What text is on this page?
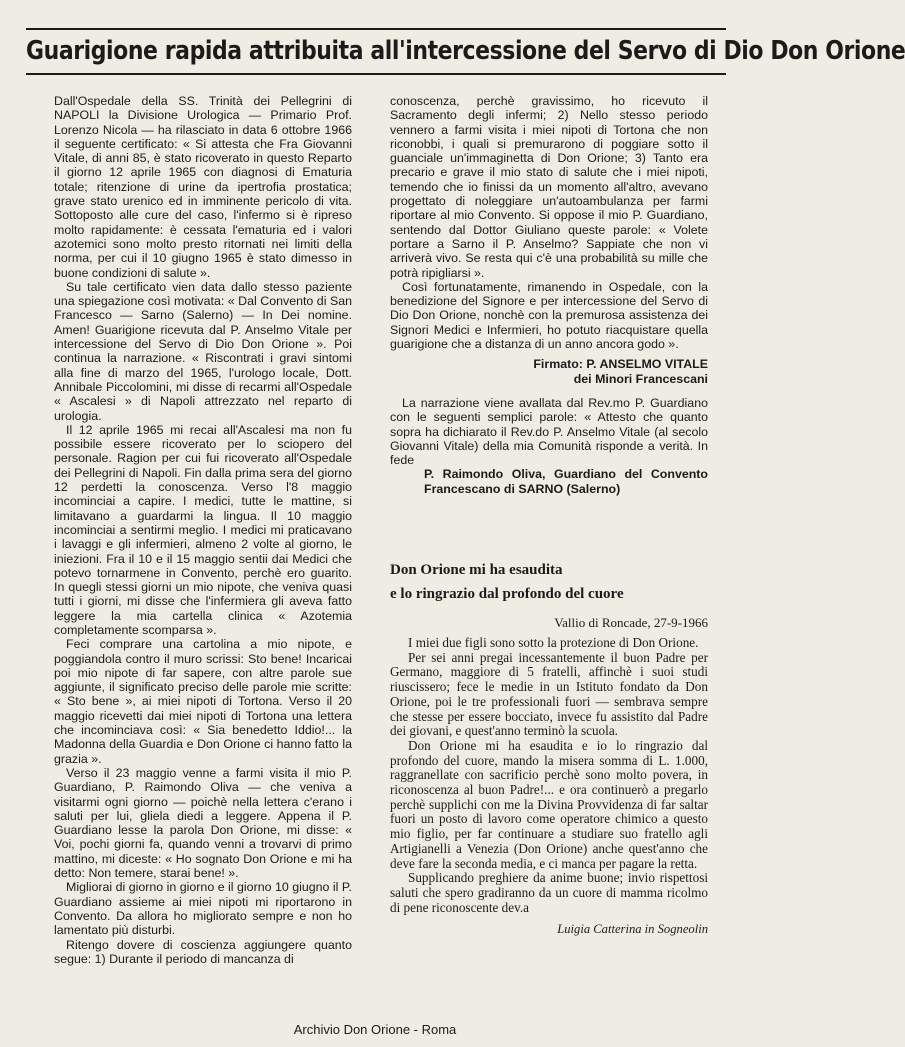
Guarigione rapida attribuita all'intercessione del Servo di Dio Don Orione

Dall'Ospedale della SS. Trinità dei Pellegrini di NAPOLI la Divisione Urologica — Primario Prof. Lorenzo Nicola — ha rilasciato in data 6 ottobre 1966 il seguente certificato: « Si attesta che Fra Giovanni Vitale, di anni 85, è stato ricoverato in questo Reparto il giorno 12 aprile 1965 con diagnosi di Ematuria totale; ritenzione di urine da ipertrofia prostatica; grave stato urenico ed in imminente pericolo di vita. Sottoposto alle cure del caso, l'infermo si è ripreso molto rapidamente: è cessata l'ematuria ed i valori azotemici sono molto presto ritornati nei limiti della norma, per cui il 10 giugno 1965 è stato dimesso in buone condizioni di salute ».

Su tale certificato vien data dallo stesso paziente una spiegazione così motivata: « Dal Convento di San Francesco — Sarno (Salerno) — In Dei nomine. Amen! Guarigione ricevuta dal P. Anselmo Vitale per intercessione del Servo di Dio Don Orione ». Poi continua la narrazione. « Riscontrati i gravi sintomi alla fine di marzo del 1965, l'urologo locale, Dott. Annibale Piccolomini, mi disse di recarmi all'Ospedale « Ascalesi » di Napoli attrezzato nel reparto di urologia.

Il 12 aprile 1965 mi recai all'Ascalesi ma non fu possibile essere ricoverato per lo sciopero del personale. Ragion per cui fui ricoverato all'Ospedale dei Pellegrini di Napoli. Fin dalla prima sera del giorno 12 perdetti la conoscenza. Verso l'8 maggio incominciai a capire. I medici, tutte le mattine, si limitavano a guardarmi la lingua. Il 10 maggio incominciai a sentirmi meglio. I medici mi praticavano i lavaggi e gli infermieri, almeno 2 volte al giorno, le iniezioni. Fra il 10 e il 15 maggio sentii dai Medici che potevo tornarmene in Convento, perchè ero guarito. In quegli stessi giorni un mio nipote, che veniva quasi tutti i giorni, mi disse che l'infermiera gli aveva fatto leggere la mia cartella clinica « Azotemia completamente scomparsa ».

Feci comprare una cartolina a mio nipote, e poggiandola contro il muro scrissi: Sto bene! Incaricai poi mio nipote di far sapere, con altre parole sue aggiunte, il significato preciso delle parole mie scritte: « Sto bene », ai miei nipoti di Tortona. Verso il 20 maggio ricevetti dai miei nipoti di Tortona una lettera che incominciava così: « Sia benedetto Iddio!... la Madonna della Guardia e Don Orione ci hanno fatto la grazia ».

Verso il 23 maggio venne a farmi visita il mio P. Guardiano, P. Raimondo Oliva — che veniva a visitarmi ogni giorno — poichè nella lettera c'erano i saluti per lui, gliela diedi a leggere. Appena il P. Guardiano lesse la parola Don Orione, mi disse: « Voi, pochi giorni fa, quando venni a trovarvi di primo mattino, mi diceste: « Ho sognato Don Orione e mi ha detto: Non temere, starai bene! ».

Migliorai di giorno in giorno e il giorno 10 giugno il P. Guardiano assieme ai miei nipoti mi riportarono in Convento. Da allora ho migliorato sempre e non ho lamentato più disturbi.

Ritengo dovere di coscienza aggiungere quanto segue: 1) Durante il periodo di mancanza di

conoscenza, perchè gravissimo, ho ricevuto il Sacramento degli infermi; 2) Nello stesso periodo vennero a farmi visita i miei nipoti di Tortona che non riconobbi, i quali si premurarono di poggiare sotto il guanciale un'immaginetta di Don Orione; 3) Tanto era precario e grave il mio stato di salute che i miei nipoti, temendo che io finissi da un momento all'altro, avevano progettato di noleggiare un'autoambulanza per farmi riportare al mio Convento. Si oppose il mio P. Guardiano, sentendo dal Dottor Giuliano queste parole: « Volete portare a Sarno il P. Anselmo? Sappiate che non vi arriverà vivo. Se resta qui c'è una probabilità su mille che potrà ripigliarsi ».

Così fortunatamente, rimanendo in Ospedale, con la benedizione del Signore e per intercessione del Servo di Dio Don Orione, nonchè con la premurosa assistenza dei Signori Medici e Infermieri, ho potuto riacquistare quella guarigione che a distanza di un anno ancora godo ».

Firmato: P. ANSELMO VITALE
dei Minori Francescani

La narrazione viene avallata dal Rev.mo P. Guardiano con le seguenti semplici parole: « Attesto che quanto sopra ha dichiarato il Rev.do P. Anselmo Vitale (al secolo Giovanni Vitale) della mia Comunità risponde a verità. In fede

P. Raimondo Oliva, Guardiano del Convento Francescano di SARNO (Salerno)

Don Orione mi ha esaudita

e lo ringrazio dal profondo del cuore

Vallio di Roncade, 27-9-1966

I miei due figli sono sotto la protezione di Don Orione.

Per sei anni pregai incessantemente il buon Padre per Germano, maggiore di 5 fratelli, affinchè i suoi studi riuscissero; fece le medie in un Istituto fondato da Don Orione, poi le tre professionali fuori — sembrava sempre che stesse per essere bocciato, invece fu assistito dal Padre dei giovani, e quest'anno terminò la scuola.

Don Orione mi ha esaudita e io lo ringrazio dal profondo del cuore, mando la misera somma di L. 1.000, raggranellate con sacrificio perchè sono molto povera, in riconoscenza al buon Padre!... e ora continuerò a pregarlo perchè supplichi con me la Divina Provvidenza di far saltar fuori un posto di lavoro come operatore chimico a questo mio figlio, per far continuare a studiare suo fratello agli Artigianelli a Venezia (Don Orione) anche quest'anno che deve fare la seconda media, e ci manca per pagare la retta.

Supplicando preghiere da anime buone; invio rispettosi saluti che spero gradiranno da un cuore di mamma ricolmo di pene riconoscente dev.a

Luigia Catterina in Sogneolin
Archivio Don Orione - Roma
